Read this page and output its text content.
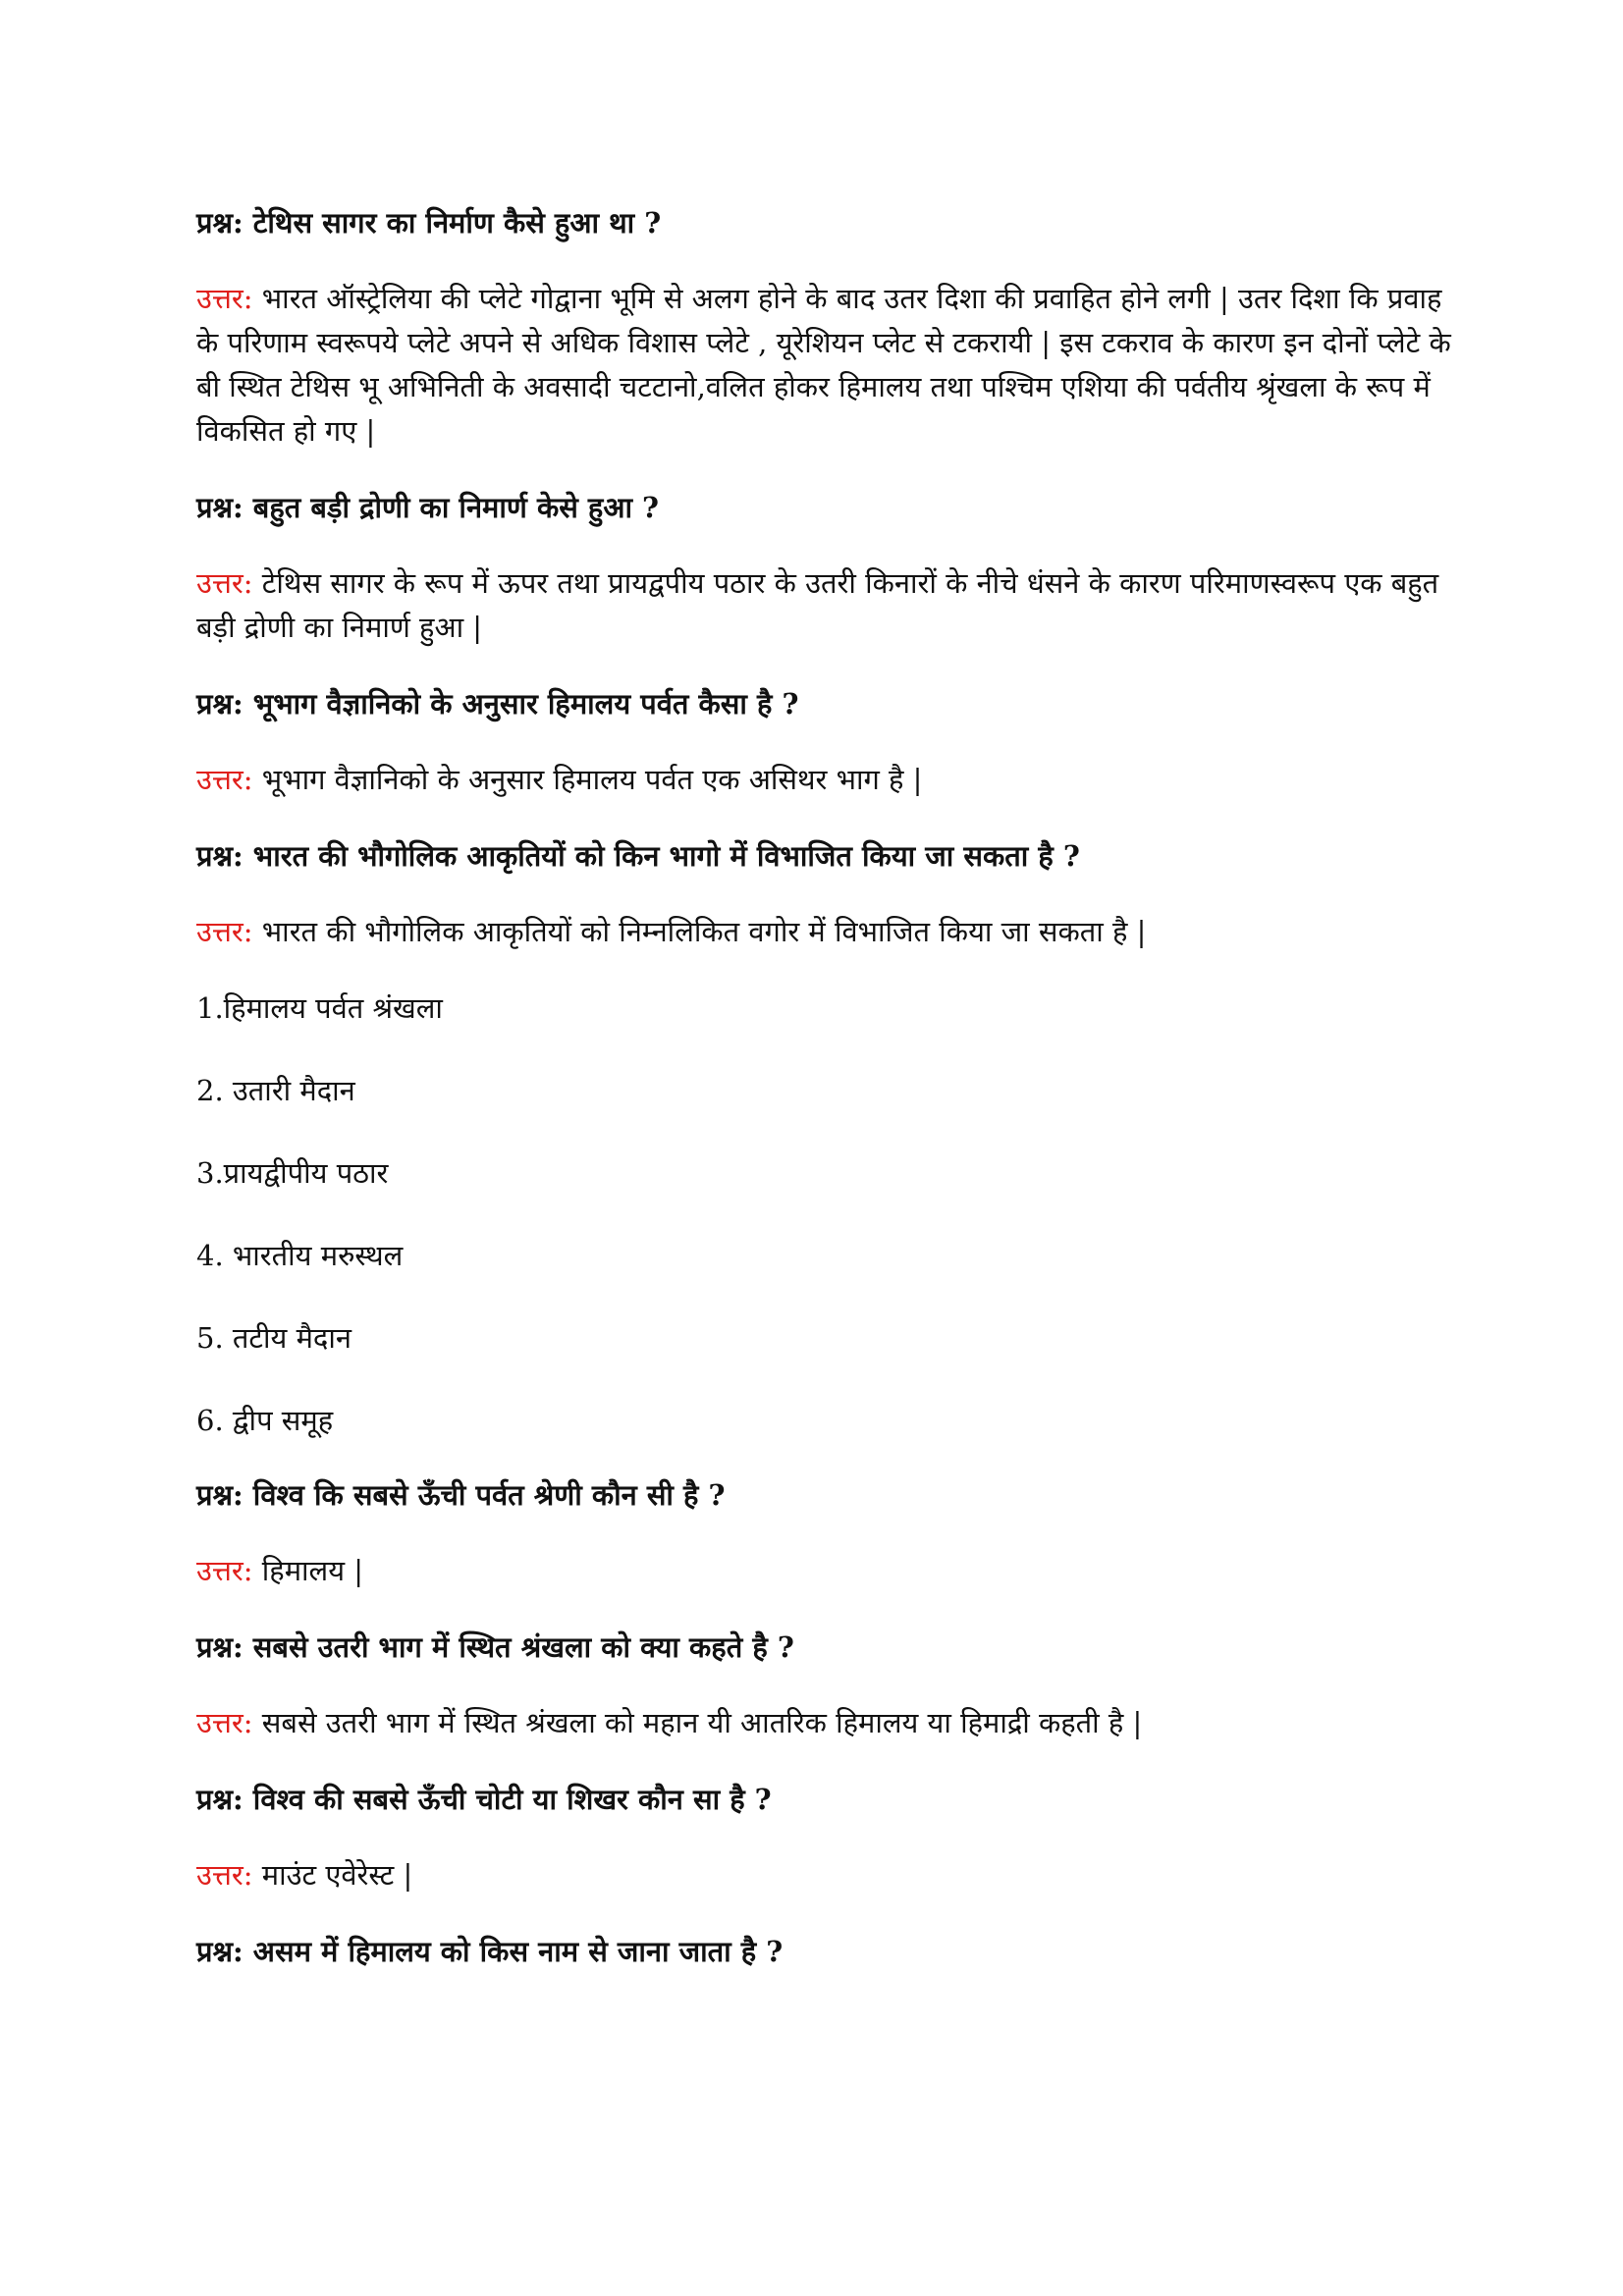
प्रश्न: टेथिस सागर का निर्माण कैसे हुआ था ?

उत्तर: भारत ऑस्ट्रेलिया की प्लेटे गोद्वाना भूमि से अलग होने के बाद उतर दिशा की प्रवाहित होने लगी | उतर दिशा कि प्रवाह के परिणाम स्वरूपये प्लेटे अपने से अधिक विशास प्लेटे , यूरेशियन प्लेट से टकरायी | इस टकराव के कारण इन दोनों प्लेटे के बी स्थित टेथिस भू अभिनिती के अवसादी चटटानो,वलित होकर हिमालय तथा पश्चिम एशिया की पर्वतीय श्रृंखला के रूप में विकसित हो गए |

प्रश्न: बहुत बड़ी द्रोणी का निमार्ण केसे हुआ ?

उत्तर: टेथिस सागर के रूप में ऊपर तथा प्रायद्वपीय पठार के उतरी किनारों के नीचे धंसने के कारण परिमाणस्वरूप एक बहुत बड़ी द्रोणी का निमार्ण हुआ |

प्रश्न: भूभाग वैज्ञानिको के अनुसार हिमालय पर्वत कैसा है ?

उत्तर: भूभाग वैज्ञानिको के अनुसार हिमालय पर्वत एक असिथर भाग है |

प्रश्न: भारत की भौगोलिक आकृतियों को किन भागो में विभाजित किया जा सकता है ?

उत्तर: भारत की भौगोलिक आकृतियों को निम्नलिकित वगोर में विभाजित किया जा सकता है |

1.हिमालय पर्वत श्रंखला

2. उतारी मैदान

3.प्रायद्वीपीय पठार

4. भारतीय मरुस्थल

5. तटीय मैदान

6. द्वीप समूह

प्रश्न: विश्व कि सबसे ऊँची पर्वत श्रेणी कौन सी है ?

उत्तर: हिमालय |

प्रश्न: सबसे उतरी भाग में स्थित श्रंखला को क्या कहते है ?

उत्तर: सबसे उतरी भाग में स्थित श्रंखला को महान यी आतरिक हिमालय या हिमाद्री कहती है |

प्रश्न: विश्व की सबसे ऊँची चोटी या शिखर कौन सा है ?

उत्तर: माउंट एवेरेस्ट |

प्रश्न: असम में हिमालय को किस नाम से जाना जाता है ?
